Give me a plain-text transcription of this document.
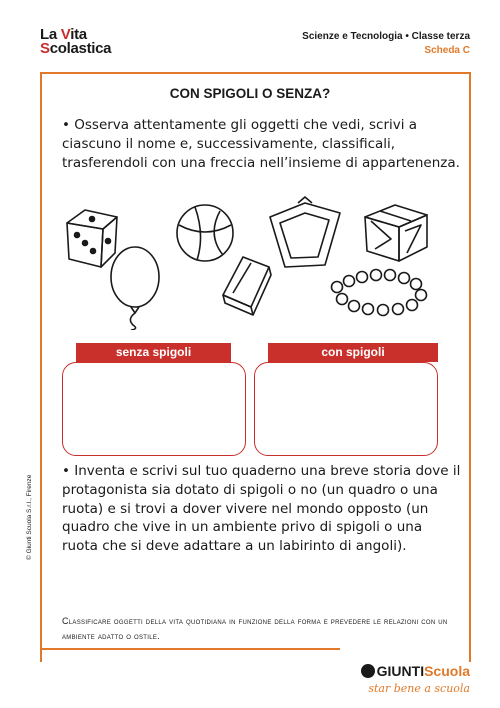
La Vita
Scolastica
Scienze e Tecnologia • Classe terza
Scheda C
CON SPIGOLI O SENZA?
• Osserva attentamente gli oggetti che vedi, scrivi a ciascuno il nome e, successivamente, classificali, trasferendoli con una freccia nell’insieme di appartenenza.
senza spigoli	con spigoli
• Inventa e scrivi sul tuo quaderno una breve storia dove il protagonista sia dotato di spigoli o no (un quadro o una ruota) e si trovi a dover vivere nel mondo opposto (un quadro che vive in un ambiente privo di spigoli o una ruota che si deve adattare a un labirinto di angoli).
Classificare oggetti della vita quotidiana in funzione della forma e prevedere le relazioni con un ambiente adatto o ostile.
© Giunti Scuola S.r.l., Firenze
GIUNTIScuola
star bene a scuola
